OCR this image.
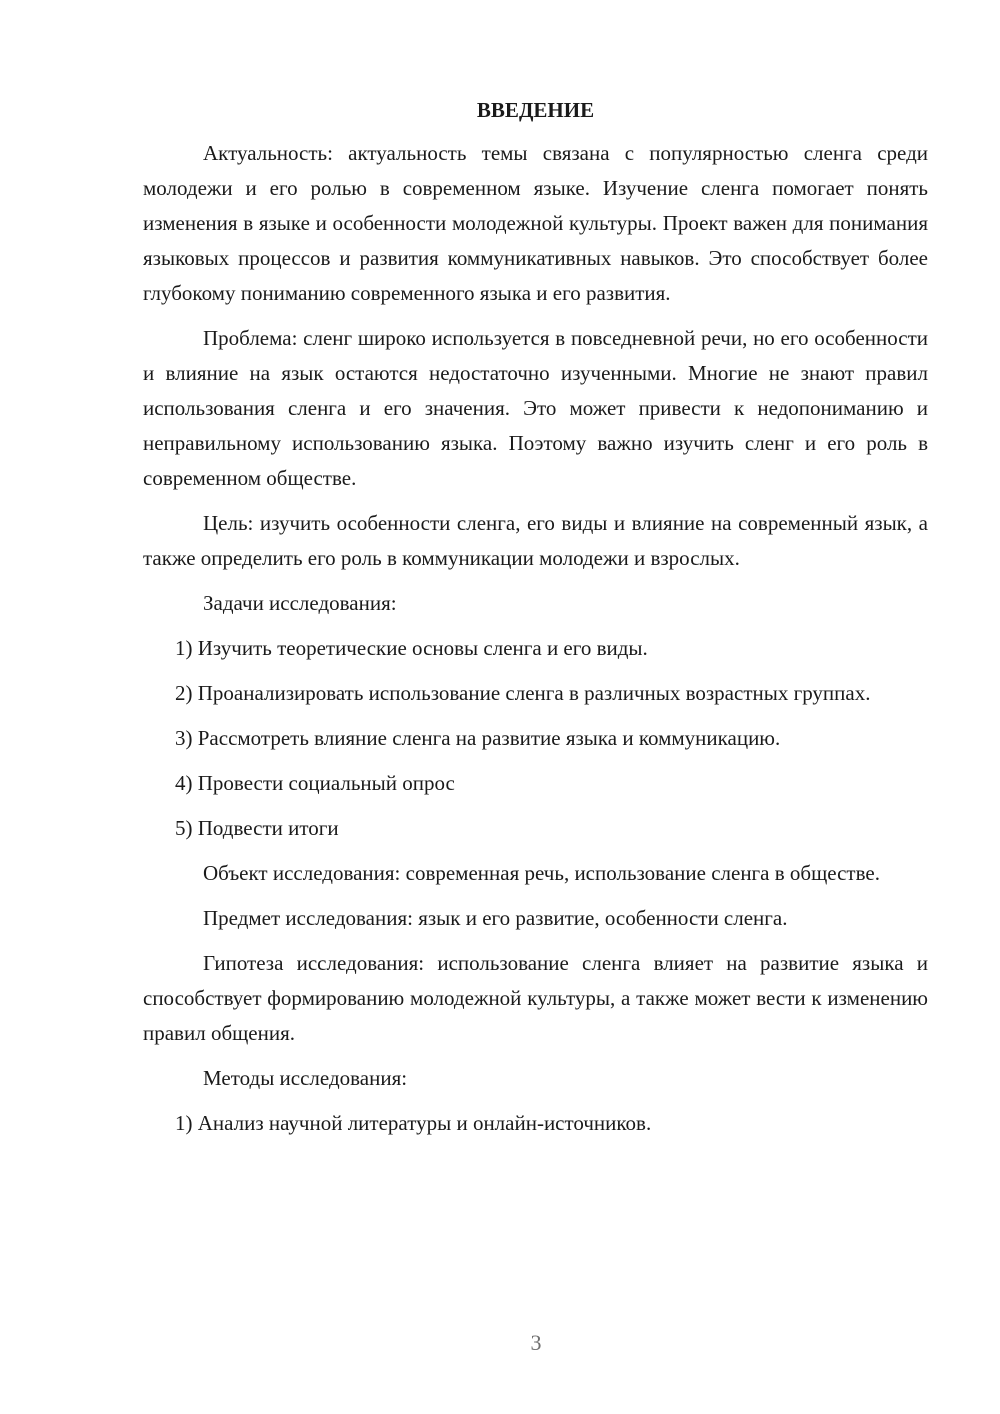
ВВЕДЕНИЕ

Актуальность: актуальность темы связана с популярностью сленга среди молодежи и его ролью в современном языке. Изучение сленга помогает понять изменения в языке и особенности молодежной культуры. Проект важен для понимания языковых процессов и развития коммуникативных навыков. Это способствует более глубокому пониманию современного языка и его развития.

Проблема: сленг широко используется в повседневной речи, но его особенности и влияние на язык остаются недостаточно изученными. Многие не знают правил использования сленга и его значения. Это может привести к недопониманию и неправильному использованию языка. Поэтому важно изучить сленг и его роль в современном обществе.

Цель: изучить особенности сленга, его виды и влияние на современный язык, а также определить его роль в коммуникации молодежи и взрослых.

Задачи исследования:

1) Изучить теоретические основы сленга и его виды.

2) Проанализировать использование сленга в различных возрастных группах.

3) Рассмотреть влияние сленга на развитие языка и коммуникацию.

4) Провести социальный опрос

5) Подвести итоги

Объект исследования: современная речь, использование сленга в обществе.

Предмет исследования: язык и его развитие, особенности сленга.

Гипотеза исследования: использование сленга влияет на развитие языка и способствует формированию молодежной культуры, а также может вести к изменению правил общения.

Методы исследования:

1) Анализ научной литературы и онлайн-источников.

3
